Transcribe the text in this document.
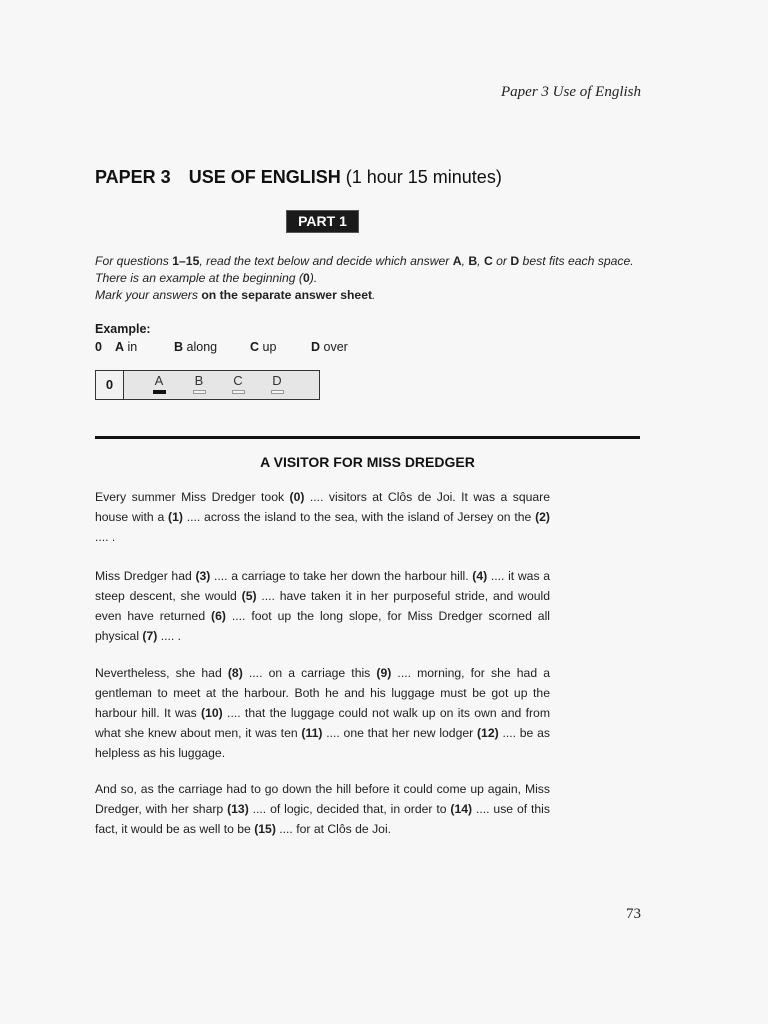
Paper 3 Use of English
PAPER 3 USE OF ENGLISH (1 hour 15 minutes)
PART 1
For questions 1–15, read the text below and decide which answer A, B, C or D best fits each space. There is an example at the beginning (0).
Mark your answers on the separate answer sheet.
Example:
0 A in	B along	C up	D over
0	A B C D
A VISITOR FOR MISS DREDGER

Every summer Miss Dredger took (0) .... visitors at Clôs de Joi. It was a square house with a (1) .... across the island to the sea, with the island of Jersey on the (2) .... .

Miss Dredger had (3) .... a carriage to take her down the harbour hill. (4) .... it was a steep descent, she would (5) .... have taken it in her purposeful stride, and would even have returned (6) .... foot up the long slope, for Miss Dredger scorned all physical (7) .... .

Nevertheless, she had (8) .... on a carriage this (9) .... morning, for she had a gentleman to meet at the harbour. Both he and his luggage must be got up the harbour hill. It was (10) .... that the luggage could not walk up on its own and from what she knew about men, it was ten (11) .... one that her new lodger (12) .... be as helpless as his luggage.

And so, as the carriage had to go down the hill before it could come up again, Miss Dredger, with her sharp (13) .... of logic, decided that, in order to (14) .... use of this fact, it would be as well to be (15) .... for at Clôs de Joi.

73
